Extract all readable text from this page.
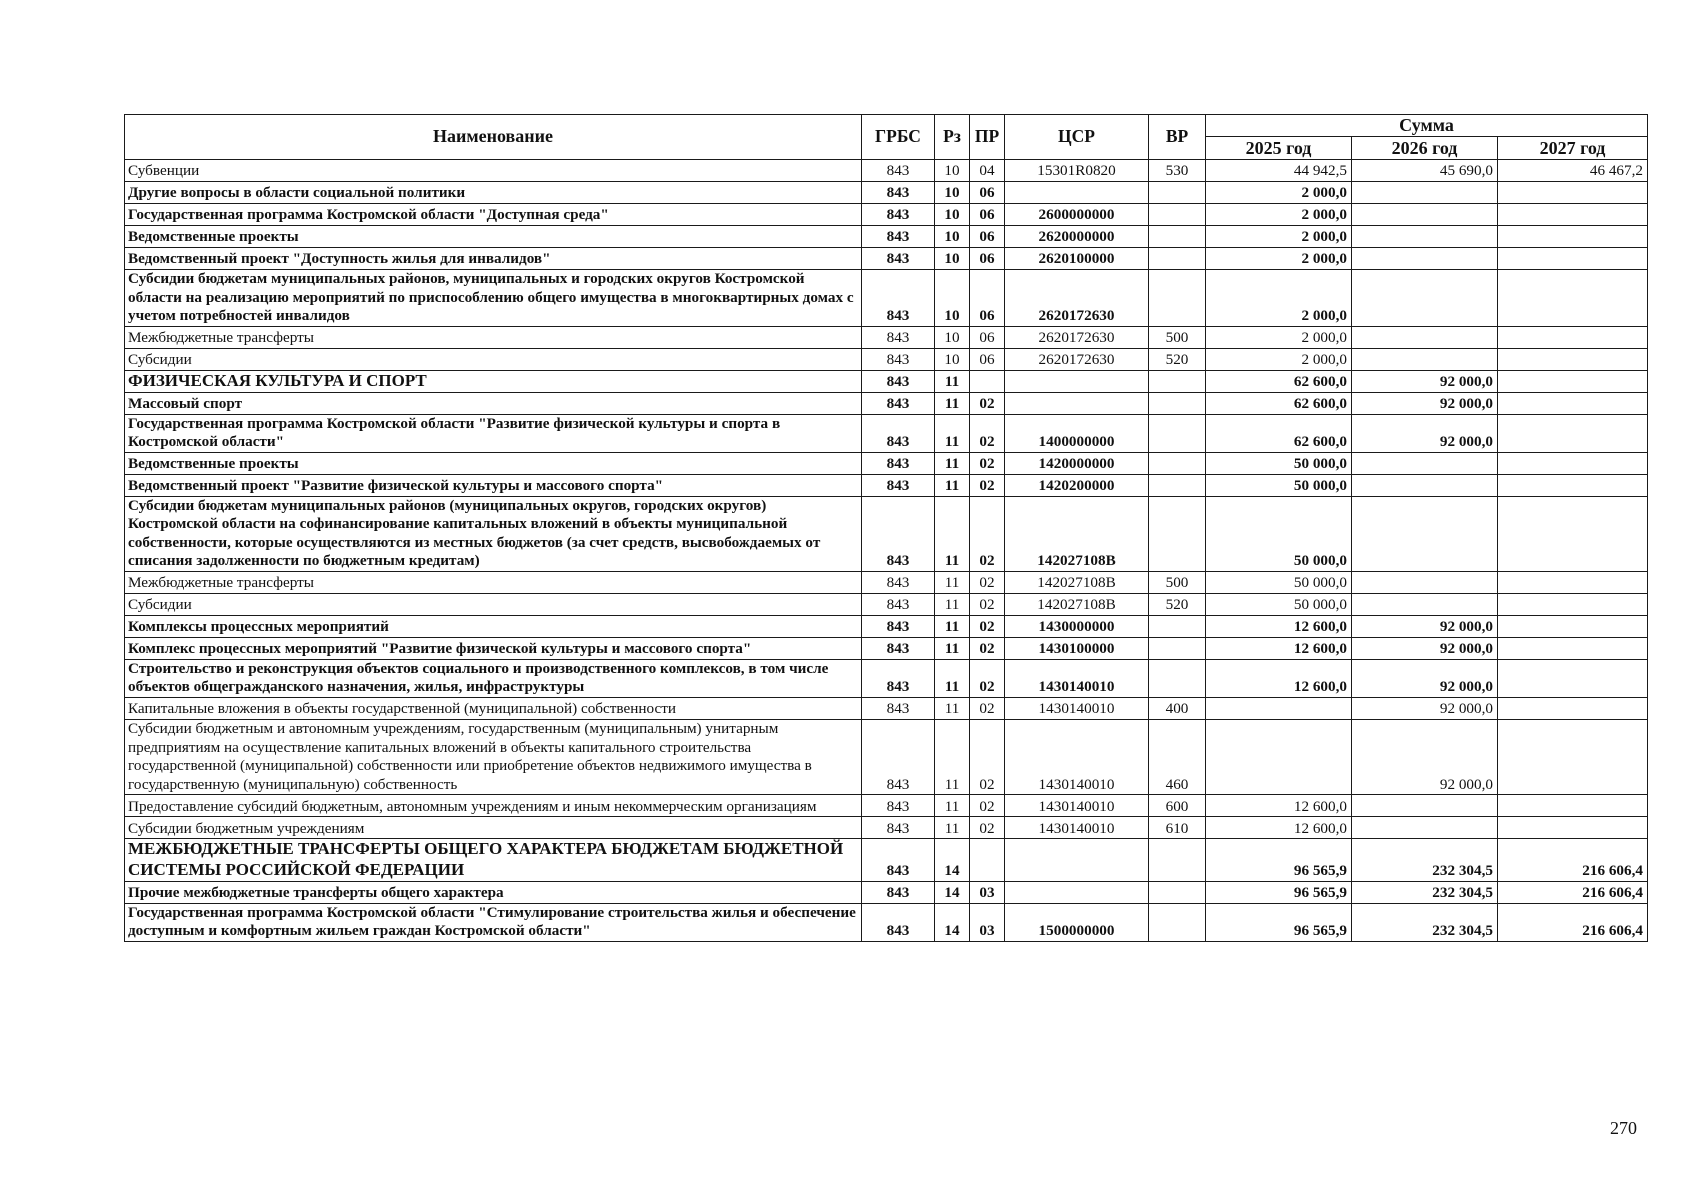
Наименование	ГРБС	Рз	ПР	ЦСР	ВР	Сумма		
						2025 год	2026 год	2027 год
Субвенции	843	10	04	15301R0820	530	44 942,5	45 690,0	46 467,2
Другие вопросы в области социальной политики	843	10	06			2 000,0		
Государственная программа Костромской области "Доступная среда"	843	10	06	2600000000		2 000,0		
Ведомственные проекты	843	10	06	2620000000		2 000,0		
Ведомственный проект "Доступность жилья для инвалидов"	843	10	06	2620100000		2 000,0		
Субсидии бюджетам муниципальных районов, муниципальных и городских округов Костромской области на реализацию мероприятий по приспособлению общего имущества в многоквартирных домах с учетом потребностей инвалидов	843	10	06	2620172630		2 000,0		
Межбюджетные трансферты	843	10	06	2620172630	500	2 000,0		
Субсидии	843	10	06	2620172630	520	2 000,0		
ФИЗИЧЕСКАЯ КУЛЬТУРА И СПОРТ	843	11				62 600,0	92 000,0	
Массовый спорт	843	11	02			62 600,0	92 000,0	
Государственная программа Костромской области "Развитие физической культуры и спорта в Костромской области"	843	11	02	1400000000		62 600,0	92 000,0	
Ведомственные проекты	843	11	02	1420000000		50 000,0		
Ведомственный проект "Развитие физической культуры и массового спорта"	843	11	02	1420200000		50 000,0		
Субсидии бюджетам муниципальных районов (муниципальных округов, городских округов) Костромской области на софинансирование капитальных вложений в объекты муниципальной собственности, которые осуществляются из местных бюджетов (за счет средств, высвобождаемых от списания задолженности по бюджетным кредитам)	843	11	02	142027108В		50 000,0		
Межбюджетные трансферты	843	11	02	142027108В	500	50 000,0		
Субсидии	843	11	02	142027108В	520	50 000,0		
Комплексы процессных мероприятий	843	11	02	1430000000		12 600,0	92 000,0	
Комплекс процессных мероприятий "Развитие физической культуры и массового спорта"	843	11	02	1430100000		12 600,0	92 000,0	
Строительство и реконструкция объектов социального и производственного комплексов, в том числе объектов общегражданского назначения, жилья, инфраструктуры	843	11	02	1430140010		12 600,0	92 000,0	
Капитальные вложения в объекты государственной (муниципальной) собственности	843	11	02	1430140010	400		92 000,0	
Субсидии бюджетным и автономным учреждениям, государственным (муниципальным) унитарным предприятиям на осуществление капитальных вложений в объекты капитального строительства государственной (муниципальной) собственности или приобретение объектов недвижимого имущества в государственную (муниципальную) собственность	843	11	02	1430140010	460		92 000,0	
Предоставление субсидий бюджетным, автономным учреждениям и иным некоммерческим организациям	843	11	02	1430140010	600	12 600,0		
Субсидии бюджетным учреждениям	843	11	02	1430140010	610	12 600,0		
МЕЖБЮДЖЕТНЫЕ ТРАНСФЕРТЫ ОБЩЕГО ХАРАКТЕРА БЮДЖЕТАМ БЮДЖЕТНОЙ СИСТЕМЫ РОССИЙСКОЙ ФЕДЕРАЦИИ	843	14				96 565,9	232 304,5	216 606,4
Прочие межбюджетные трансферты общего характера	843	14	03			96 565,9	232 304,5	216 606,4
Государственная программа Костромской области "Стимулирование строительства жилья и обеспечение доступным и комфортным жильем граждан Костромской области"	843	14	03	1500000000		96 565,9	232 304,5	216 606,4
270
